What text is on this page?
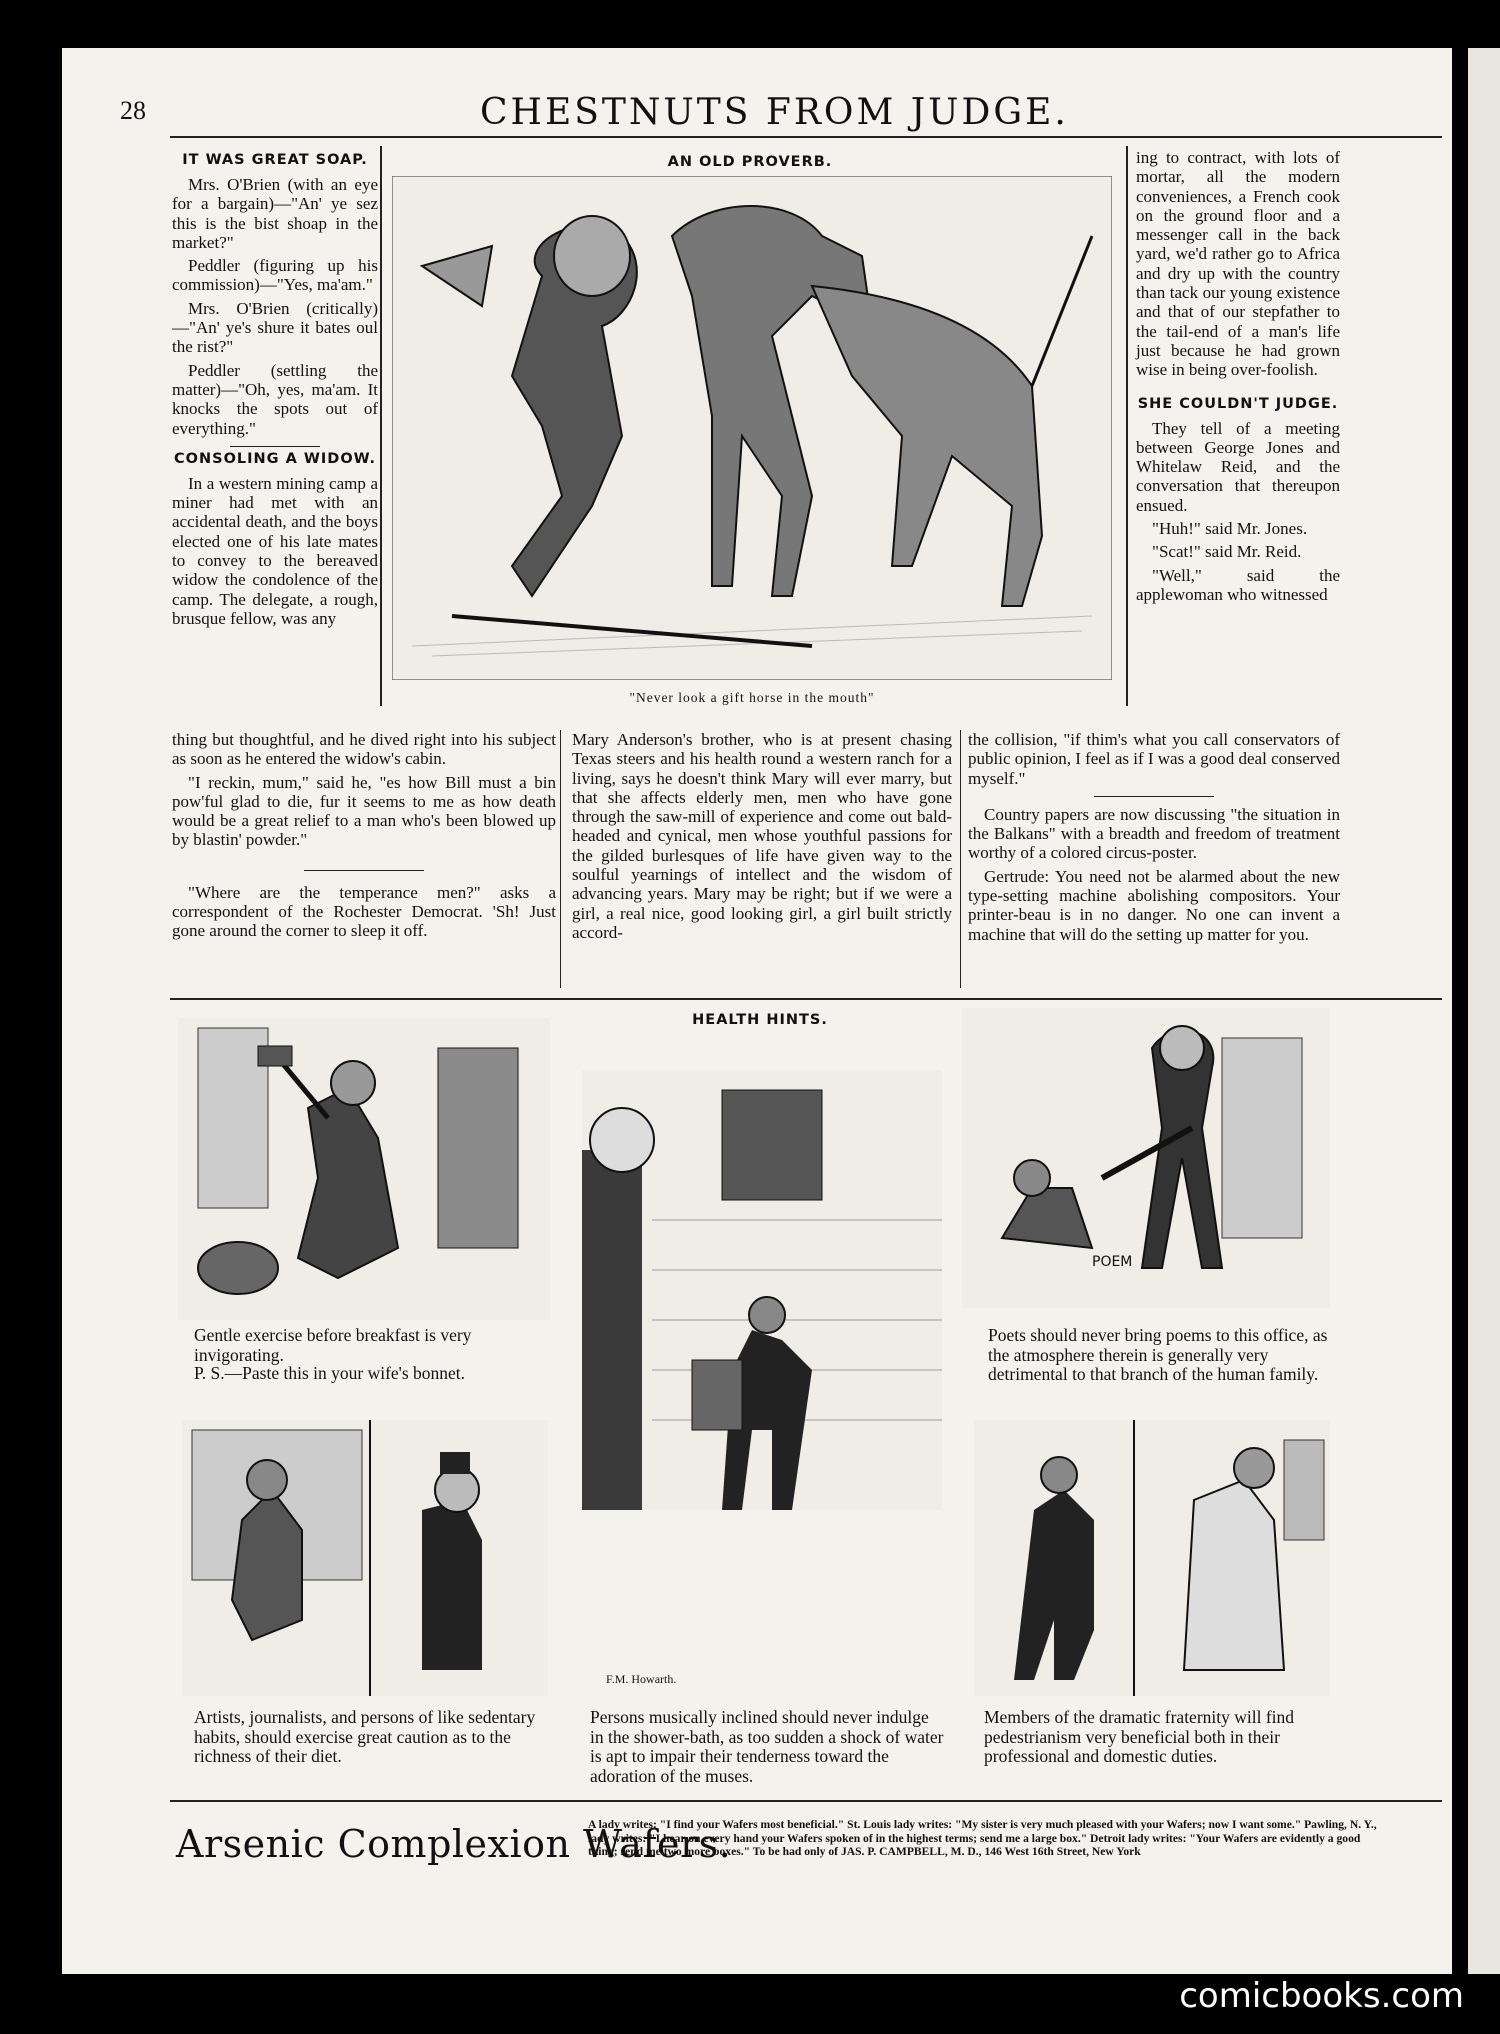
28	CHESTNUTS FROM JUDGE.
IT WAS GREAT SOAP.

Mrs. O'Brien (with an eye for a bargain)—"An' ye sez this is the bist shoap in the market?"

Peddler (figuring up his commission)—"Yes, ma'am."

Mrs. O'Brien (critically)—"An' ye's shure it bates oul the rist?"

Peddler (settling the matter)—"Oh, yes, ma'am. It knocks the spots out of everything."

CONSOLING A WIDOW.

In a western mining camp a miner had met with an accidental death, and the boys elected one of his late mates to convey to the bereaved widow the condolence of the camp. The delegate, a rough, brusque fellow, was any

AN OLD PROVERB.
"Never look a gift horse in the mouth"

ing to contract, with lots of mortar, all the modern conveniences, a French cook on the ground floor and a messenger call in the back yard, we'd rather go to Africa and dry up with the country than tack our young existence and that of our stepfather to the tail-end of a man's life just because he had grown wise in being over-foolish.

SHE COULDN'T JUDGE.

They tell of a meeting between George Jones and Whitelaw Reid, and the conversation that thereupon ensued.

"Huh!" said Mr. Jones.

"Scat!" said Mr. Reid.

"Well," said the applewoman who witnessed

thing but thoughtful, and he dived right into his subject as soon as he entered the widow's cabin.

"I reckin, mum," said he, "es how Bill must a bin pow'ful glad to die, fur it seems to me as how death would be a great relief to a man who's been blowed up by blastin' powder."

"Where are the temperance men?" asks a correspondent of the Rochester Democrat. 'Sh! Just gone around the corner to sleep it off.

Mary Anderson's brother, who is at present chasing Texas steers and his health round a western ranch for a living, says he doesn't think Mary will ever marry, but that she affects elderly men, men who have gone through the saw-mill of experience and come out bald-headed and cynical, men whose youthful passions for the gilded burlesques of life have given way to the soulful yearnings of intellect and the wisdom of advancing years. Mary may be right; but if we were a girl, a real nice, good looking girl, a girl built strictly accord-

the collision, "if thim's what you call conservators of public opinion, I feel as if I was a good deal conserved myself."

Country papers are now discussing "the situation in the Balkans" with a breadth and freedom of treatment worthy of a colored circus-poster.

Gertrude: You need not be alarmed about the new type-setting machine abolishing compositors. Your printer-beau is in no danger. No one can invent a machine that will do the setting up matter for you.

HEALTH HINTS.
Gentle exercise before breakfast is very invigorating.
P. S.—Paste this in your wife's bonnet.
F.M. Howarth.
POEM
Poets should never bring poems to this office, as the atmosphere therein is generally very detrimental to that branch of the human family.
Artists, journalists, and persons of like sedentary habits, should exercise great caution as to the richness of their diet.
Persons musically inclined should never indulge in the shower-bath, as too sudden a shock of water is apt to impair their tenderness toward the adoration of the muses.
Members of the dramatic fraternity will find pedestrianism very beneficial both in their professional and domestic duties.
Arsenic Complexion Wafers.
A lady writes: "I find your Wafers most beneficial." St. Louis lady writes: "My sister is very much pleased with your Wafers; now I want some." Pawling, N. Y., lady writes: "I hear on every hand your Wafers spoken of in the highest terms; send me a large box." Detroit lady writes: "Your Wafers are evidently a good thing; send me two more boxes." To be had only of JAS. P. CAMPBELL, M. D., 146 West 16th Street, New York
comicbooks.com
